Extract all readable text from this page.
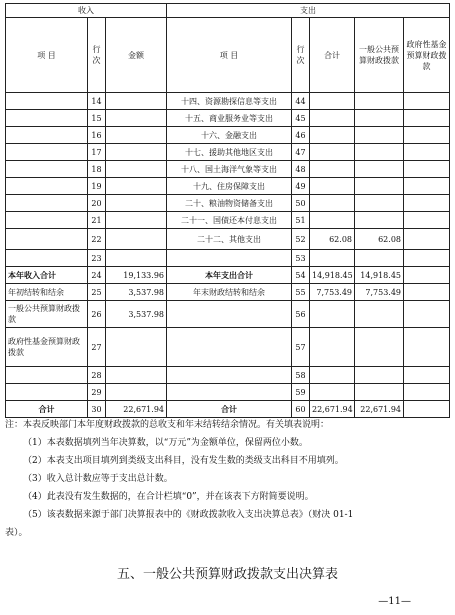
收入			支出				
项 目	行次	金额	项 目	行次	合计	一般公共预算财政拨款	政府性基金预算财政拨款
	14		十四、资源勘探信息等支出	44			
	15		十五、商业服务业等支出	45			
	16		十六、金融支出	46			
	17		十七、援助其他地区支出	47			
	18		十八、国土海洋气象等支出	48			
	19		十九、住房保障支出	49			
	20		二十、粮油物资储备支出	50			
	21		二十一、国债还本付息支出	51			
	22		二十二、其他支出	52	62.08	62.08	
	23			53			
本年收入合计	24	19,133.96	本年支出合计	54	14,918.45	14,918.45	
年初结转和结余	25	3,537.98	年末财政结转和结余	55	7,753.49	7,753.49	
一般公共预算财政拨款	26	3,537.98		56			
政府性基金预算财政拨款	27			57			
	28			58			
	29			59			
合计	30	22,671.94	合计	60	22,671.94	22,671.94	

注：本表反映部门本年度财政拨款的总收支和年末结转结余情况。有关填表说明：

（1）本表数据填列当年决算数，以“万元”为金额单位，保留两位小数。

（2）本表支出项目填列到类级支出科目，没有发生数的类级支出科目不用填列。

（3）收入总计数应等于支出总计数。

（4）此表没有发生数据的，在合计栏填“0”，并在该表下方附简要说明。

（5）该表数据来源于部门决算报表中的《财政拨款收入支出决算总表》（财决 01-1

表）。

五、一般公共预算财政拨款支出决算表
—11—
